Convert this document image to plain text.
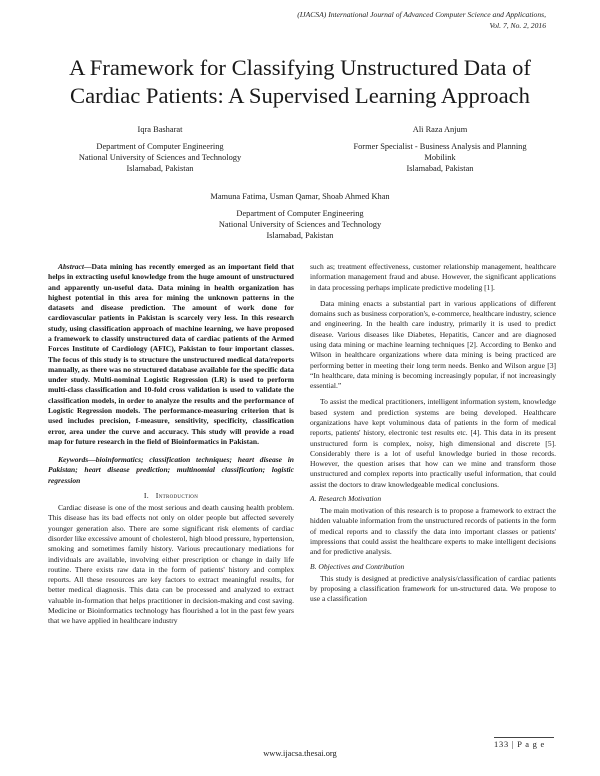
(IJACSA) International Journal of Advanced Computer Science and Applications,
Vol. 7, No. 2, 2016
A Framework for Classifying Unstructured Data of
Cardiac Patients: A Supervised Learning Approach
Iqra Basharat
Department of Computer Engineering
National University of Sciences and Technology
Islamabad, Pakistan
Ali Raza Anjum
Former Specialist - Business Analysis and Planning
Mobilink
Islamabad, Pakistan
Mamuna Fatima, Usman Qamar, Shoab Ahmed Khan
Department of Computer Engineering
National University of Sciences and Technology
Islamabad, Pakistan

Abstract—Data mining has recently emerged as an important field that helps in extracting useful knowledge from the huge amount of unstructured and apparently un-useful data. Data mining in health organization has highest potential in this area for mining the unknown patterns in the datasets and disease prediction. The amount of work done for cardiovascular patients in Pakistan is scarcely very less. In this research study, using classification approach of machine learning, we have proposed a framework to classify unstructured data of cardiac patients of the Armed Forces Institute of Cardiology (AFIC), Pakistan to four important classes. The focus of this study is to structure the unstructured medical data/reports manually, as there was no structured database available for the specific data under study. Multi-nominal Logistic Regression (LR) is used to perform multi-class classification and 10-fold cross validation is used to validate the classification models, in order to analyze the results and the performance of Logistic Regression models. The performance-measuring criterion that is used includes precision, f-measure, sensitivity, specificity, classification error, area under the curve and accuracy. This study will provide a road map for future research in the field of Bioinformatics in Pakistan.

Keywords—bioinformatics; classification techniques; heart disease in Pakistan; heart disease prediction; multinomial classification; logistic regression

I. Introduction

Cardiac disease is one of the most serious and death causing health problem. This disease has its bad effects not only on older people but affected severely younger generation also. There are some significant risk elements of cardiac disorder like excessive amount of cholesterol, high blood pressure, hypertension, smoking and sometimes family history. Various precautionary mediations for individuals are available, involving either prescription or change in daily life routine. There exists raw data in the form of patients' history and complex reports. All these resources are key factors to extract meaningful results, for better medical diagnosis. This data can be processed and analyzed to extract valuable in-formation that helps practitioner in decision-making and cost saving. Medicine or Bioinformatics technology has flourished a lot in the past few years that we have applied in healthcare industry

such as; treatment effectiveness, customer relationship management, healthcare information management fraud and abuse. However, the significant applications in data processing perhaps implicate predictive modeling [1].

Data mining enacts a substantial part in various applications of different domains such as business corporation's, e-commerce, healthcare industry, science and engineering. In the health care industry, primarily it is used to predict disease. Various diseases like Diabetes, Hepatitis, Cancer and are diagnosed using data mining or machine learning techniques [2]. According to Benko and Wilson in healthcare organizations where data mining is being practiced are performing better in meeting their long term needs. Benko and Wilson argue [3] “In healthcare, data mining is becoming increasingly popular, if not increasingly essential.”

To assist the medical practitioners, intelligent information system, knowledge based system and prediction systems are being developed. Healthcare organizations have kept voluminous data of patients in the form of medical reports, patients' history, electronic test results etc. [4]. This data in its present unstructured form is complex, noisy, high dimensional and discrete [5]. Considerably there is a lot of useful knowledge buried in those records. However, the question arises that how can we mine and transform those unstructured and complex reports into practically useful information, that could assist the doctors to draw knowledgeable medical conclusions.

A. Research Motivation

The main motivation of this research is to propose a framework to extract the hidden valuable information from the unstructured records of patients in the form of medical reports and to classify the data into important classes or patients' impressions that could assist the healthcare experts to make intelligent decisions and for predictive analysis.

B. Objectives and Contribution

This study is designed at predictive analysis/classification of cardiac patients by proposing a classification framework for un-structured data. We propose to use a classification

133 | P a g e
www.ijacsa.thesai.org
